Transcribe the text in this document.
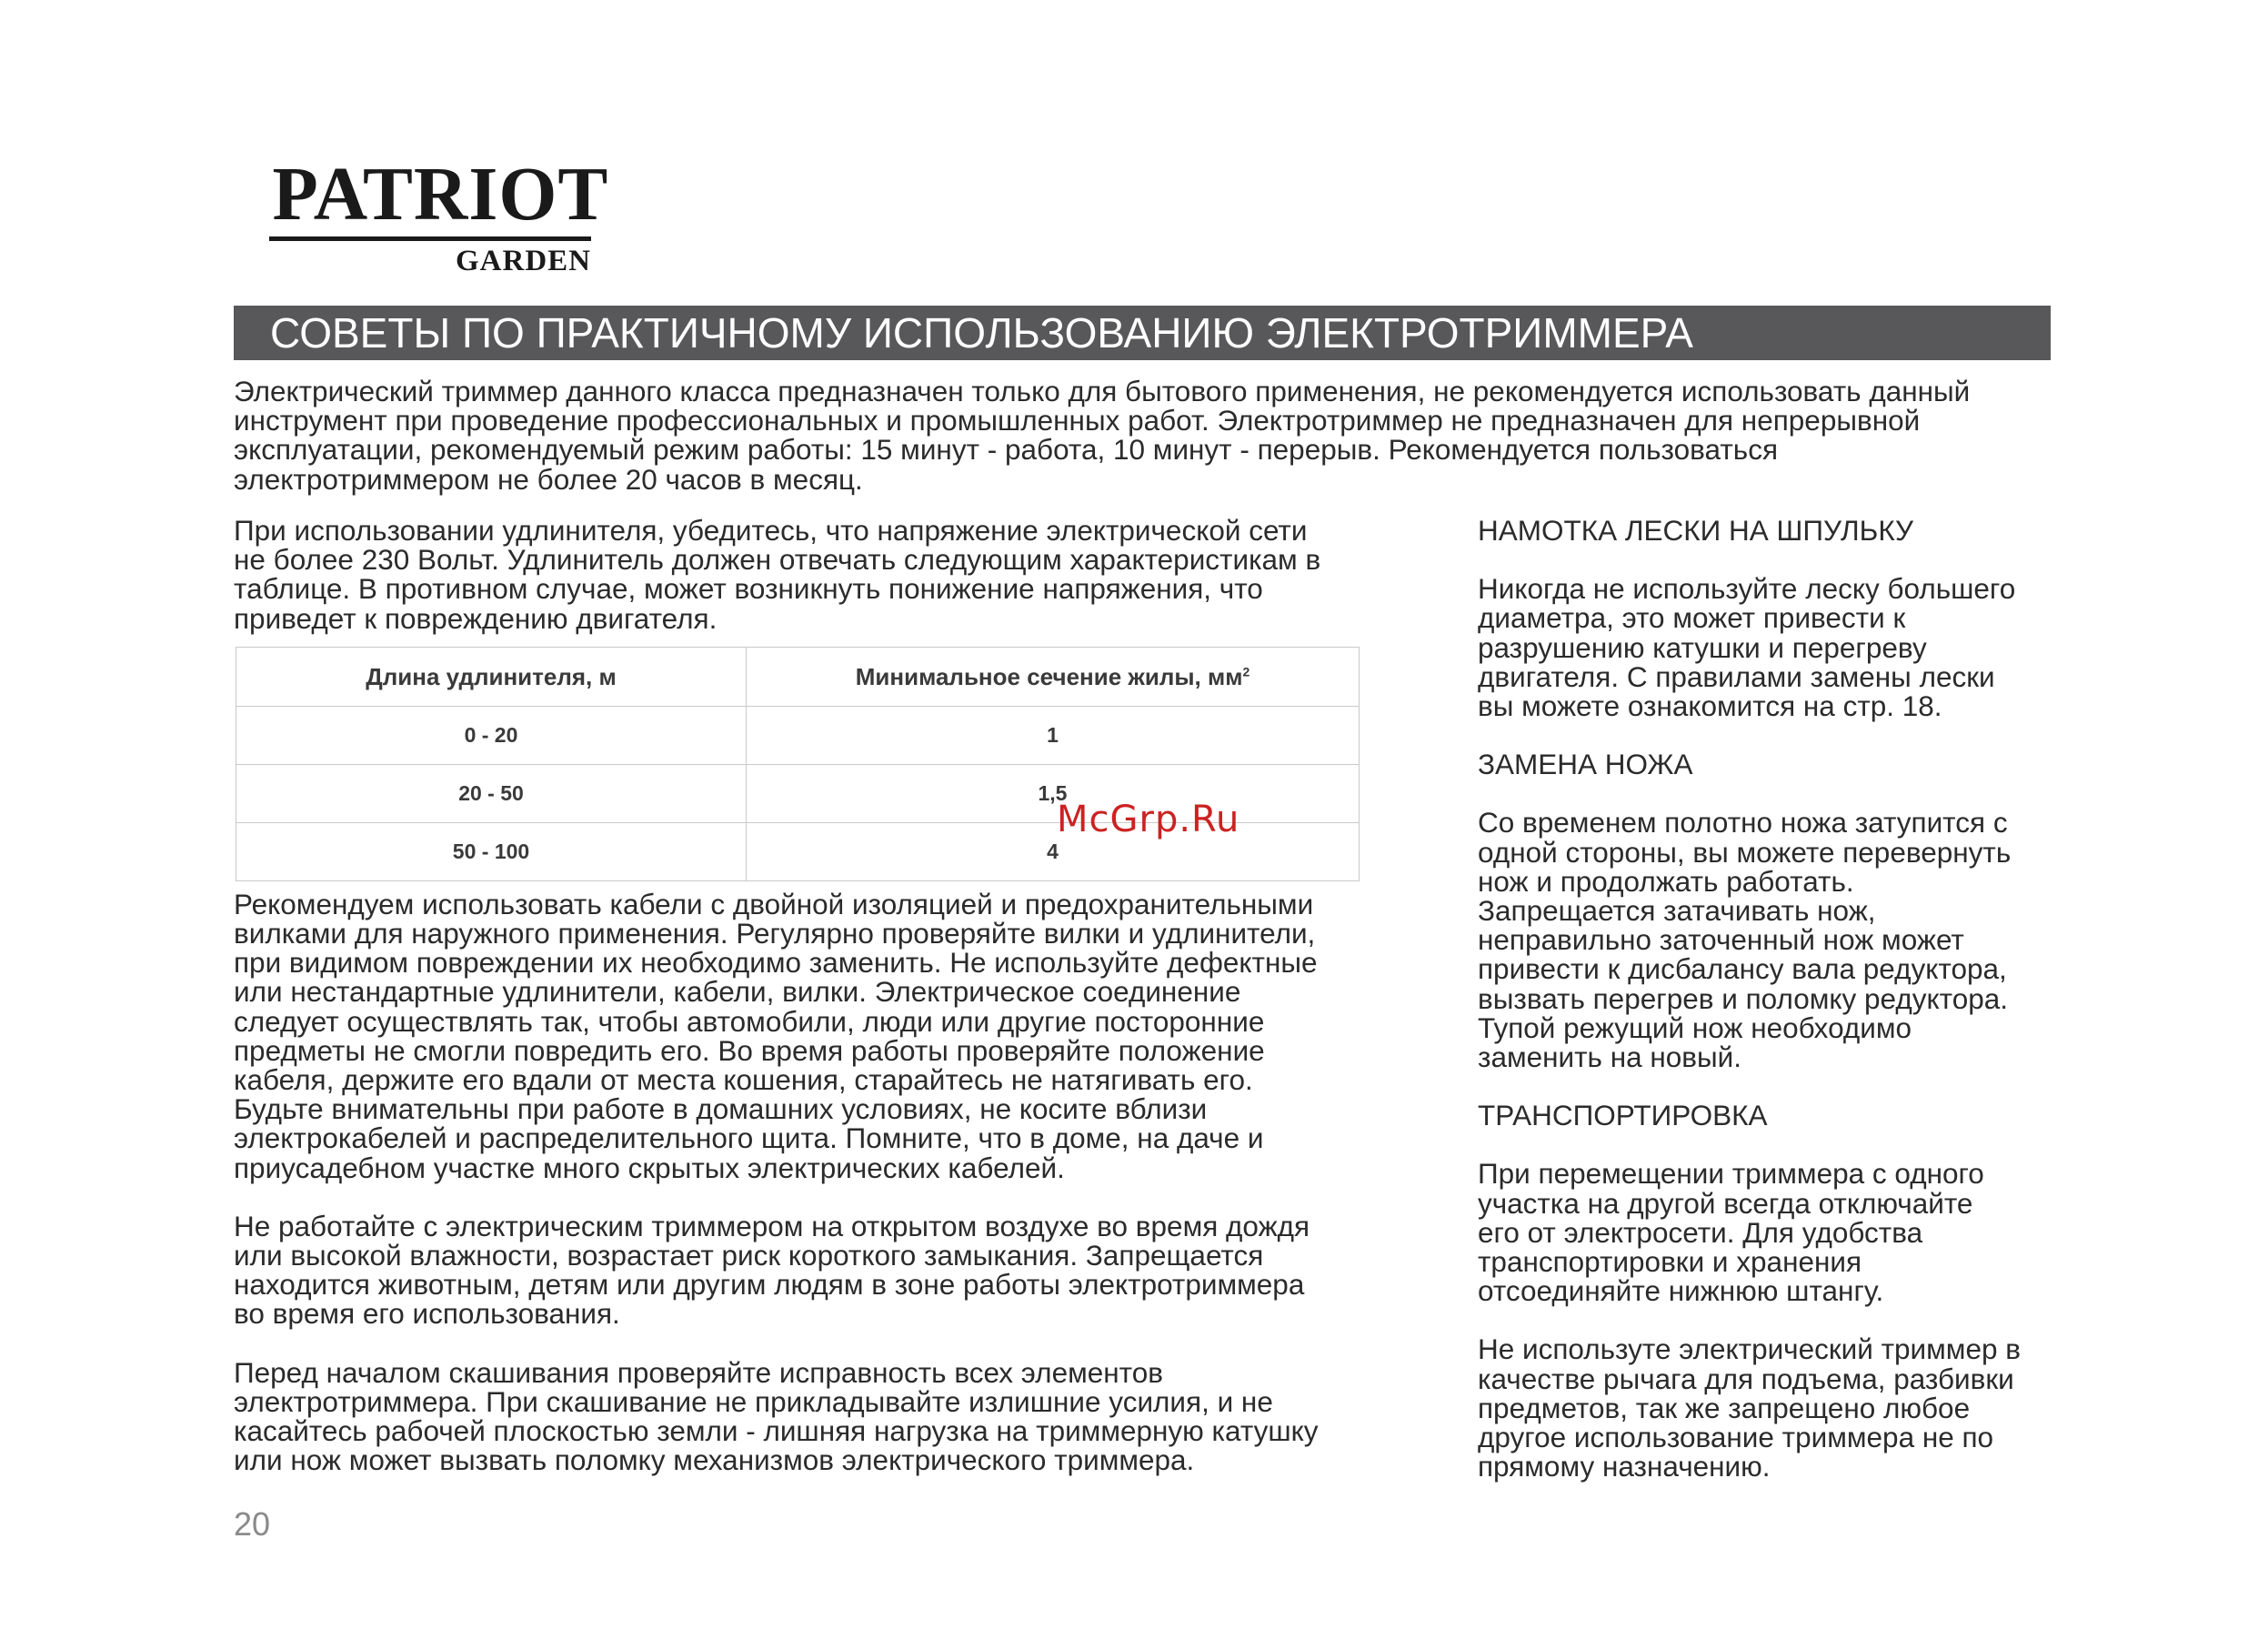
PATRIOT
GARDEN
СОВЕТЫ ПО ПРАКТИЧНОМУ ИСПОЛЬЗОВАНИЮ ЭЛЕКТРОТРИММЕРА

Электрический триммер данного класса предназначен только для бытового применения, не рекомендуется использовать данный
инструмент при проведение профессиональных и промышленных работ. Электротриммер не предназначен для непрерывной
эксплуатации, рекомендуемый режим работы: 15 минут - работа, 10 минут - перерыв. Рекомендуется пользоваться
электротриммером не более 20 часов в месяц.

При использовании удлинителя, убедитесь, что напряжение электрической сети
не более 230 Вольт. Удлинитель должен отвечать следующим характеристикам в
таблице. В противном случае, может возникнуть понижение напряжения, что
приведет к повреждению двигателя.

Рекомендуем использовать кабели с двойной изоляцией и предохранительными
вилками для наружного применения. Регулярно проверяйте вилки и удлинители,
при видимом повреждении их необходимо заменить. Не используйте дефектные
или нестандартные удлинители, кабели, вилки. Электрическое соединение
следует осуществлять так, чтобы автомобили, люди или другие посторонние
предметы не смогли повредить его. Во время работы проверяйте положение
кабеля, держите его вдали от места кошения, старайтесь не натягивать его.
Будьте внимательны при работе в домашних условиях, не косите вблизи
электрокабелей и распределительного щита. Помните, что в доме, на даче и
приусадебном участке много скрытых электрических кабелей.

Не работайте с электрическим триммером на открытом воздухе во время дождя
или высокой влажности, возрастает риск короткого замыкания. Запрещается
находится животным, детям или другим людям в зоне работы электротриммера
во время его использования.

Перед началом скашивания проверяйте исправность всех элементов
электротриммера. При скашивание не прикладывайте излишние усилия, и не
касайтесь рабочей плоскостью земли - лишняя нагрузка на триммерную катушку
или нож может вызвать поломку механизмов электрического триммера.

Длина удлинителя, м	Минимальное сечение жилы, $мм^2$
0 - 20	1
20 - 50	1,5
50 - 100	4
McGrp.Ru

НАМОТКА ЛЕСКИ НА ШПУЛЬКУ

Никогда не используйте леску большего
диаметра, это может привести к
разрушению катушки и перегреву
двигателя. С правилами замены лески
вы можете ознакомится на стр. 18.

ЗАМЕНА НОЖА

Со временем полотно ножа затупится с
одной стороны, вы можете перевернуть
нож и продолжать работать.
Запрещается затачивать нож,
неправильно заточенный нож может
привести к дисбалансу вала редуктора,
вызвать перегрев и поломку редуктора.
Тупой режущий нож необходимо
заменить на новый.

ТРАНСПОРТИРОВКА

При перемещении триммера с одного
участка на другой всегда отключайте
его от электросети. Для удобства
транспортировки и хранения
отсоединяйте нижнюю штангу.

Не используте электрический триммер в
качестве рычага для подъема, разбивки
предметов, так же запрещено любое
другое использование триммера не по
прямому назначению.

20
